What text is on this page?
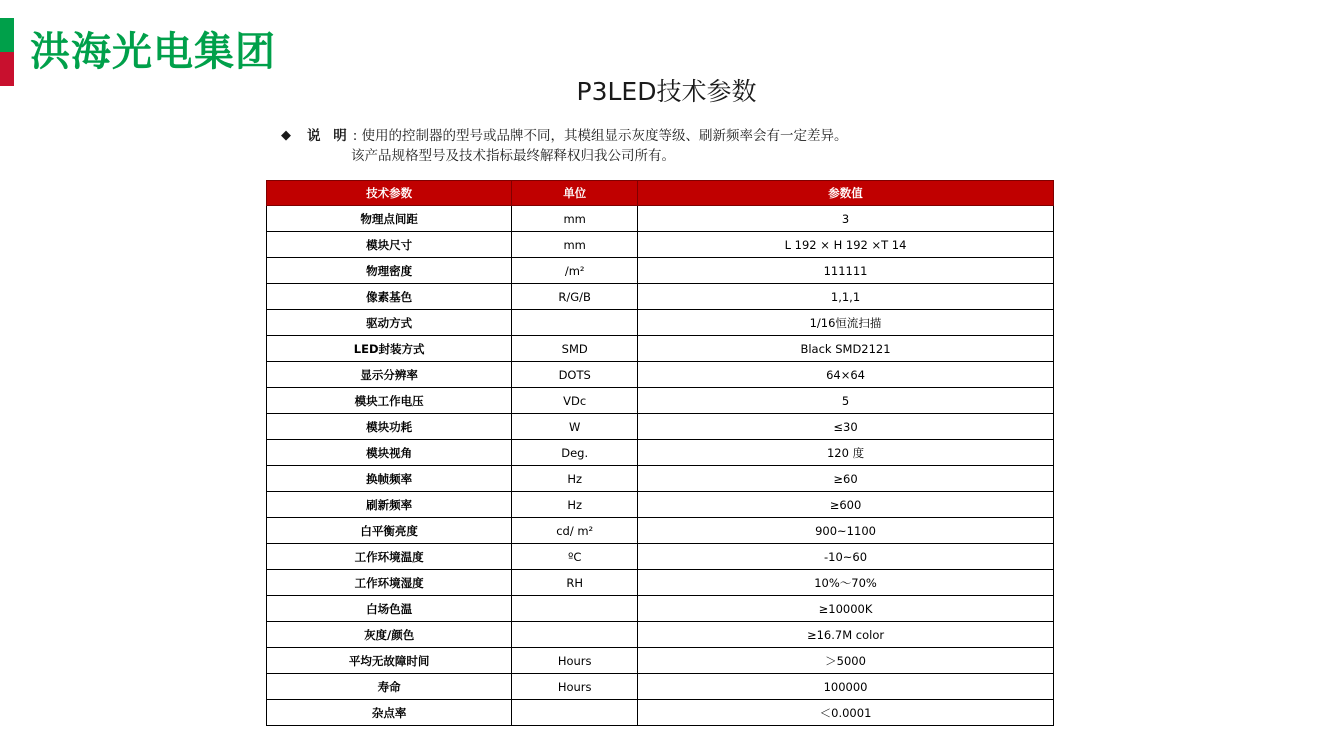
洪海光电集团
P3LED技术参数
◆ 说 明 : 使用的控制器的型号或品牌不同，其模组显示灰度等级、刷新频率会有一定差异。
该产品规格型号及技术指标最终解释权归我公司所有。
技术参数	单位	参数值
物理点间距	mm	3
模块尺寸	mm	L 192 × H 192 ×T 14
物理密度	/m²	111111
像素基色	R/G/B	1,1,1
驱动方式		1/16恒流扫描
LED封装方式	SMD	Black SMD2121
显示分辨率	DOTS	64×64
模块工作电压	VDc	5
模块功耗	W	≤30
模块视角	Deg.	120 度
换帧频率	Hz	≥60
刷新频率	Hz	≥600
白平衡亮度	cd/ m²	900~1100
工作环境温度	ºC	-10~60
工作环境湿度	RH	10%～70%
白场色温		≥10000K
灰度/颜色		≥16.7M color
平均无故障时间	Hours	＞5000
寿命	Hours	100000
杂点率		＜0.0001
